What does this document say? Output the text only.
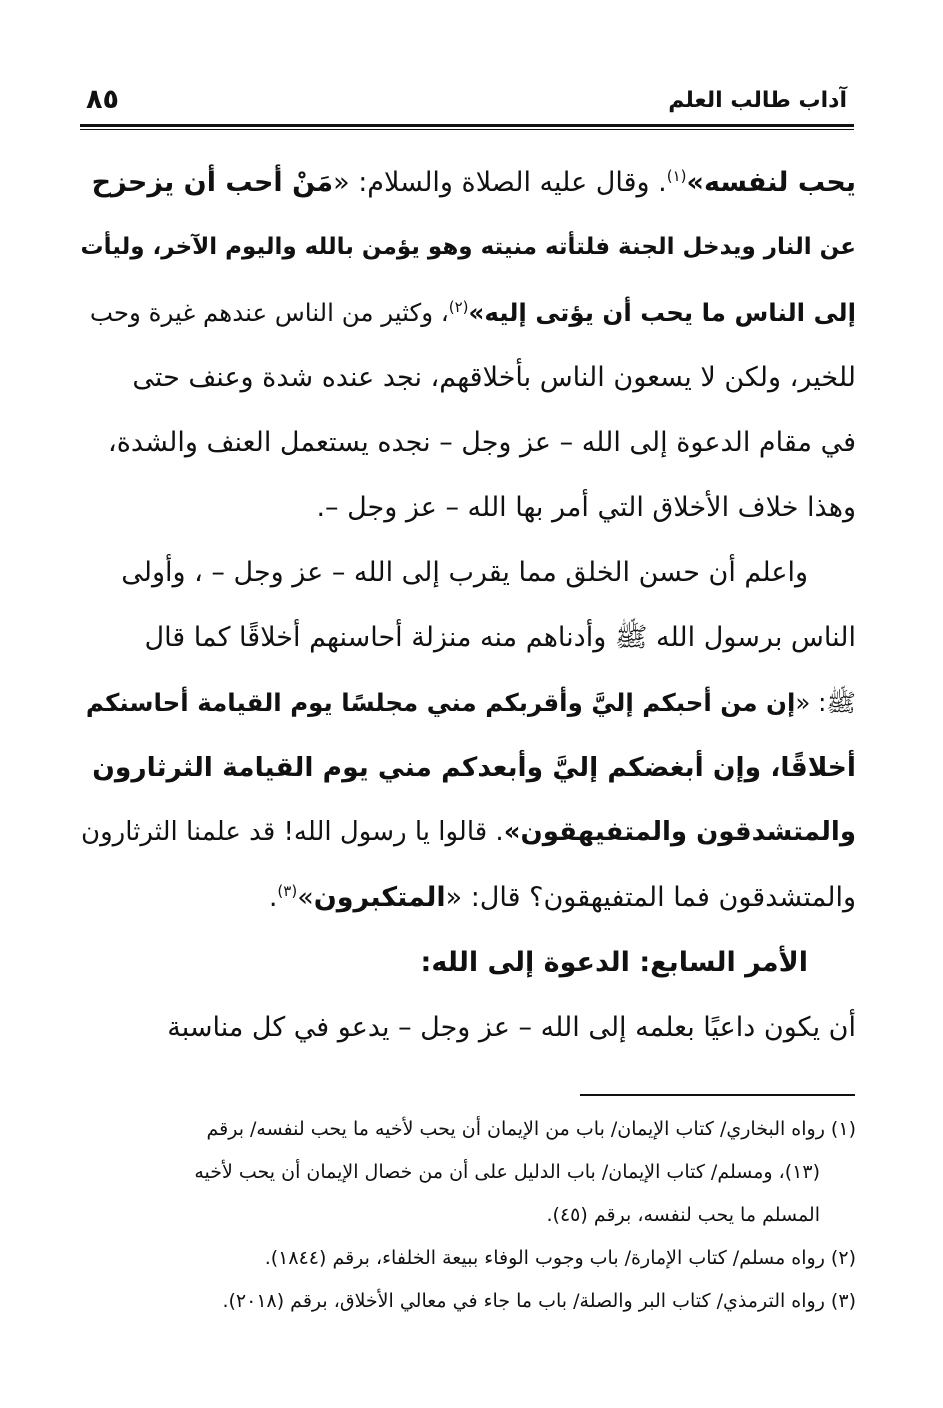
آداب طالب العلم
٨٥
يحب لنفسه»$^{(١)}$. وقال عليه الصلاة والسلام: «مَنْ أحب أن يزحزح
عن النار ويدخل الجنة فلتأته منيته وهو يؤمن بالله واليوم الآخر، وليأت
إلى الناس ما يحب أن يؤتى إليه»$^{(٢)}$، وكثير من الناس عندهم غيرة وحب
للخير، ولكن لا يسعون الناس بأخلاقهم، نجد عنده شدة وعنف حتى
في مقام الدعوة إلى الله – عز وجل – نجده يستعمل العنف والشدة،
وهذا خلاف الأخلاق التي أمر بها الله – عز وجل –.
واعلم أن حسن الخلق مما يقرب إلى الله – عز وجل – ، وأولى
الناس برسول الله ﷺ وأدناهم منه منزلة أحاسنهم أخلاقًا كما قال
ﷺ: «إن من أحبكم إليَّ وأقربكم مني مجلسًا يوم القيامة أحاسنكم
أخلاقًا، وإن أبغضكم إليَّ وأبعدكم مني يوم القيامة الثرثارون
والمتشدقون والمتفيهقون». قالوا يا رسول الله! قد علمنا الثرثارون
والمتشدقون فما المتفيهقون؟ قال: «المتكبرون»$^{(٣)}$.
الأمر السابع: الدعوة إلى الله:
أن يكون داعيًا بعلمه إلى الله – عز وجل – يدعو في كل مناسبة
(١) رواه البخاري/ كتاب الإيمان/ باب من الإيمان أن يحب لأخيه ما يحب لنفسه/ برقم
(١٣)، ومسلم/ كتاب الإيمان/ باب الدليل على أن من خصال الإيمان أن يحب لأخيه
المسلم ما يحب لنفسه، برقم (٤٥).
(٢) رواه مسلم/ كتاب الإمارة/ باب وجوب الوفاء ببيعة الخلفاء، برقم (١٨٤٤).
(٣) رواه الترمذي/ كتاب البر والصلة/ باب ما جاء في معالي الأخلاق، برقم (٢٠١٨).
